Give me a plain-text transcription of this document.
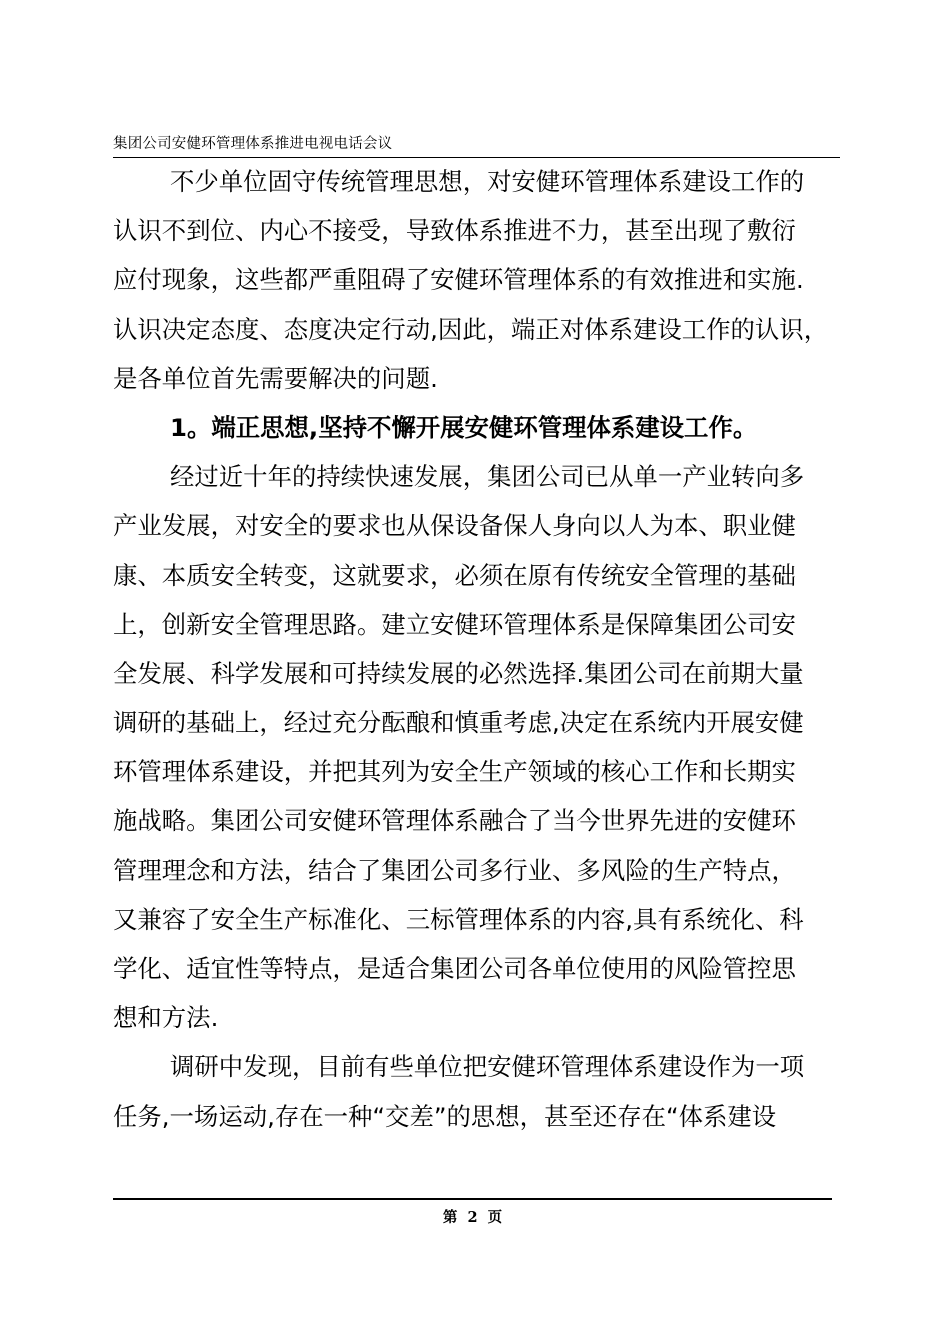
集团公司安健环管理体系推进电视电话会议
不少单位固守传统管理思想，对安健环管理体系建设工作的
认识不到位、内心不接受，导致体系推进不力，甚至出现了敷衍
应付现象，这些都严重阻碍了安健环管理体系的有效推进和实施.
认识决定态度、态度决定行动,因此，端正对体系建设工作的认识，
是各单位首先需要解决的问题.
1。端正思想,坚持不懈开展安健环管理体系建设工作。
经过近十年的持续快速发展，集团公司已从单一产业转向多
产业发展，对安全的要求也从保设备保人身向以人为本、职业健
康、本质安全转变，这就要求，必须在原有传统安全管理的基础
上，创新安全管理思路。建立安健环管理体系是保障集团公司安
全发展、科学发展和可持续发展的必然选择.集团公司在前期大量
调研的基础上，经过充分酝酿和慎重考虑,决定在系统内开展安健
环管理体系建设，并把其列为安全生产领域的核心工作和长期实
施战略。集团公司安健环管理体系融合了当今世界先进的安健环
管理理念和方法，结合了集团公司多行业、多风险的生产特点，
又兼容了安全生产标准化、三标管理体系的内容,具有系统化、科
学化、适宜性等特点，是适合集团公司各单位使用的风险管控思
想和方法.
调研中发现，目前有些单位把安健环管理体系建设作为一项
任务,一场运动,存在一种“交差”的思想，甚至还存在“体系建设
第  2  页
